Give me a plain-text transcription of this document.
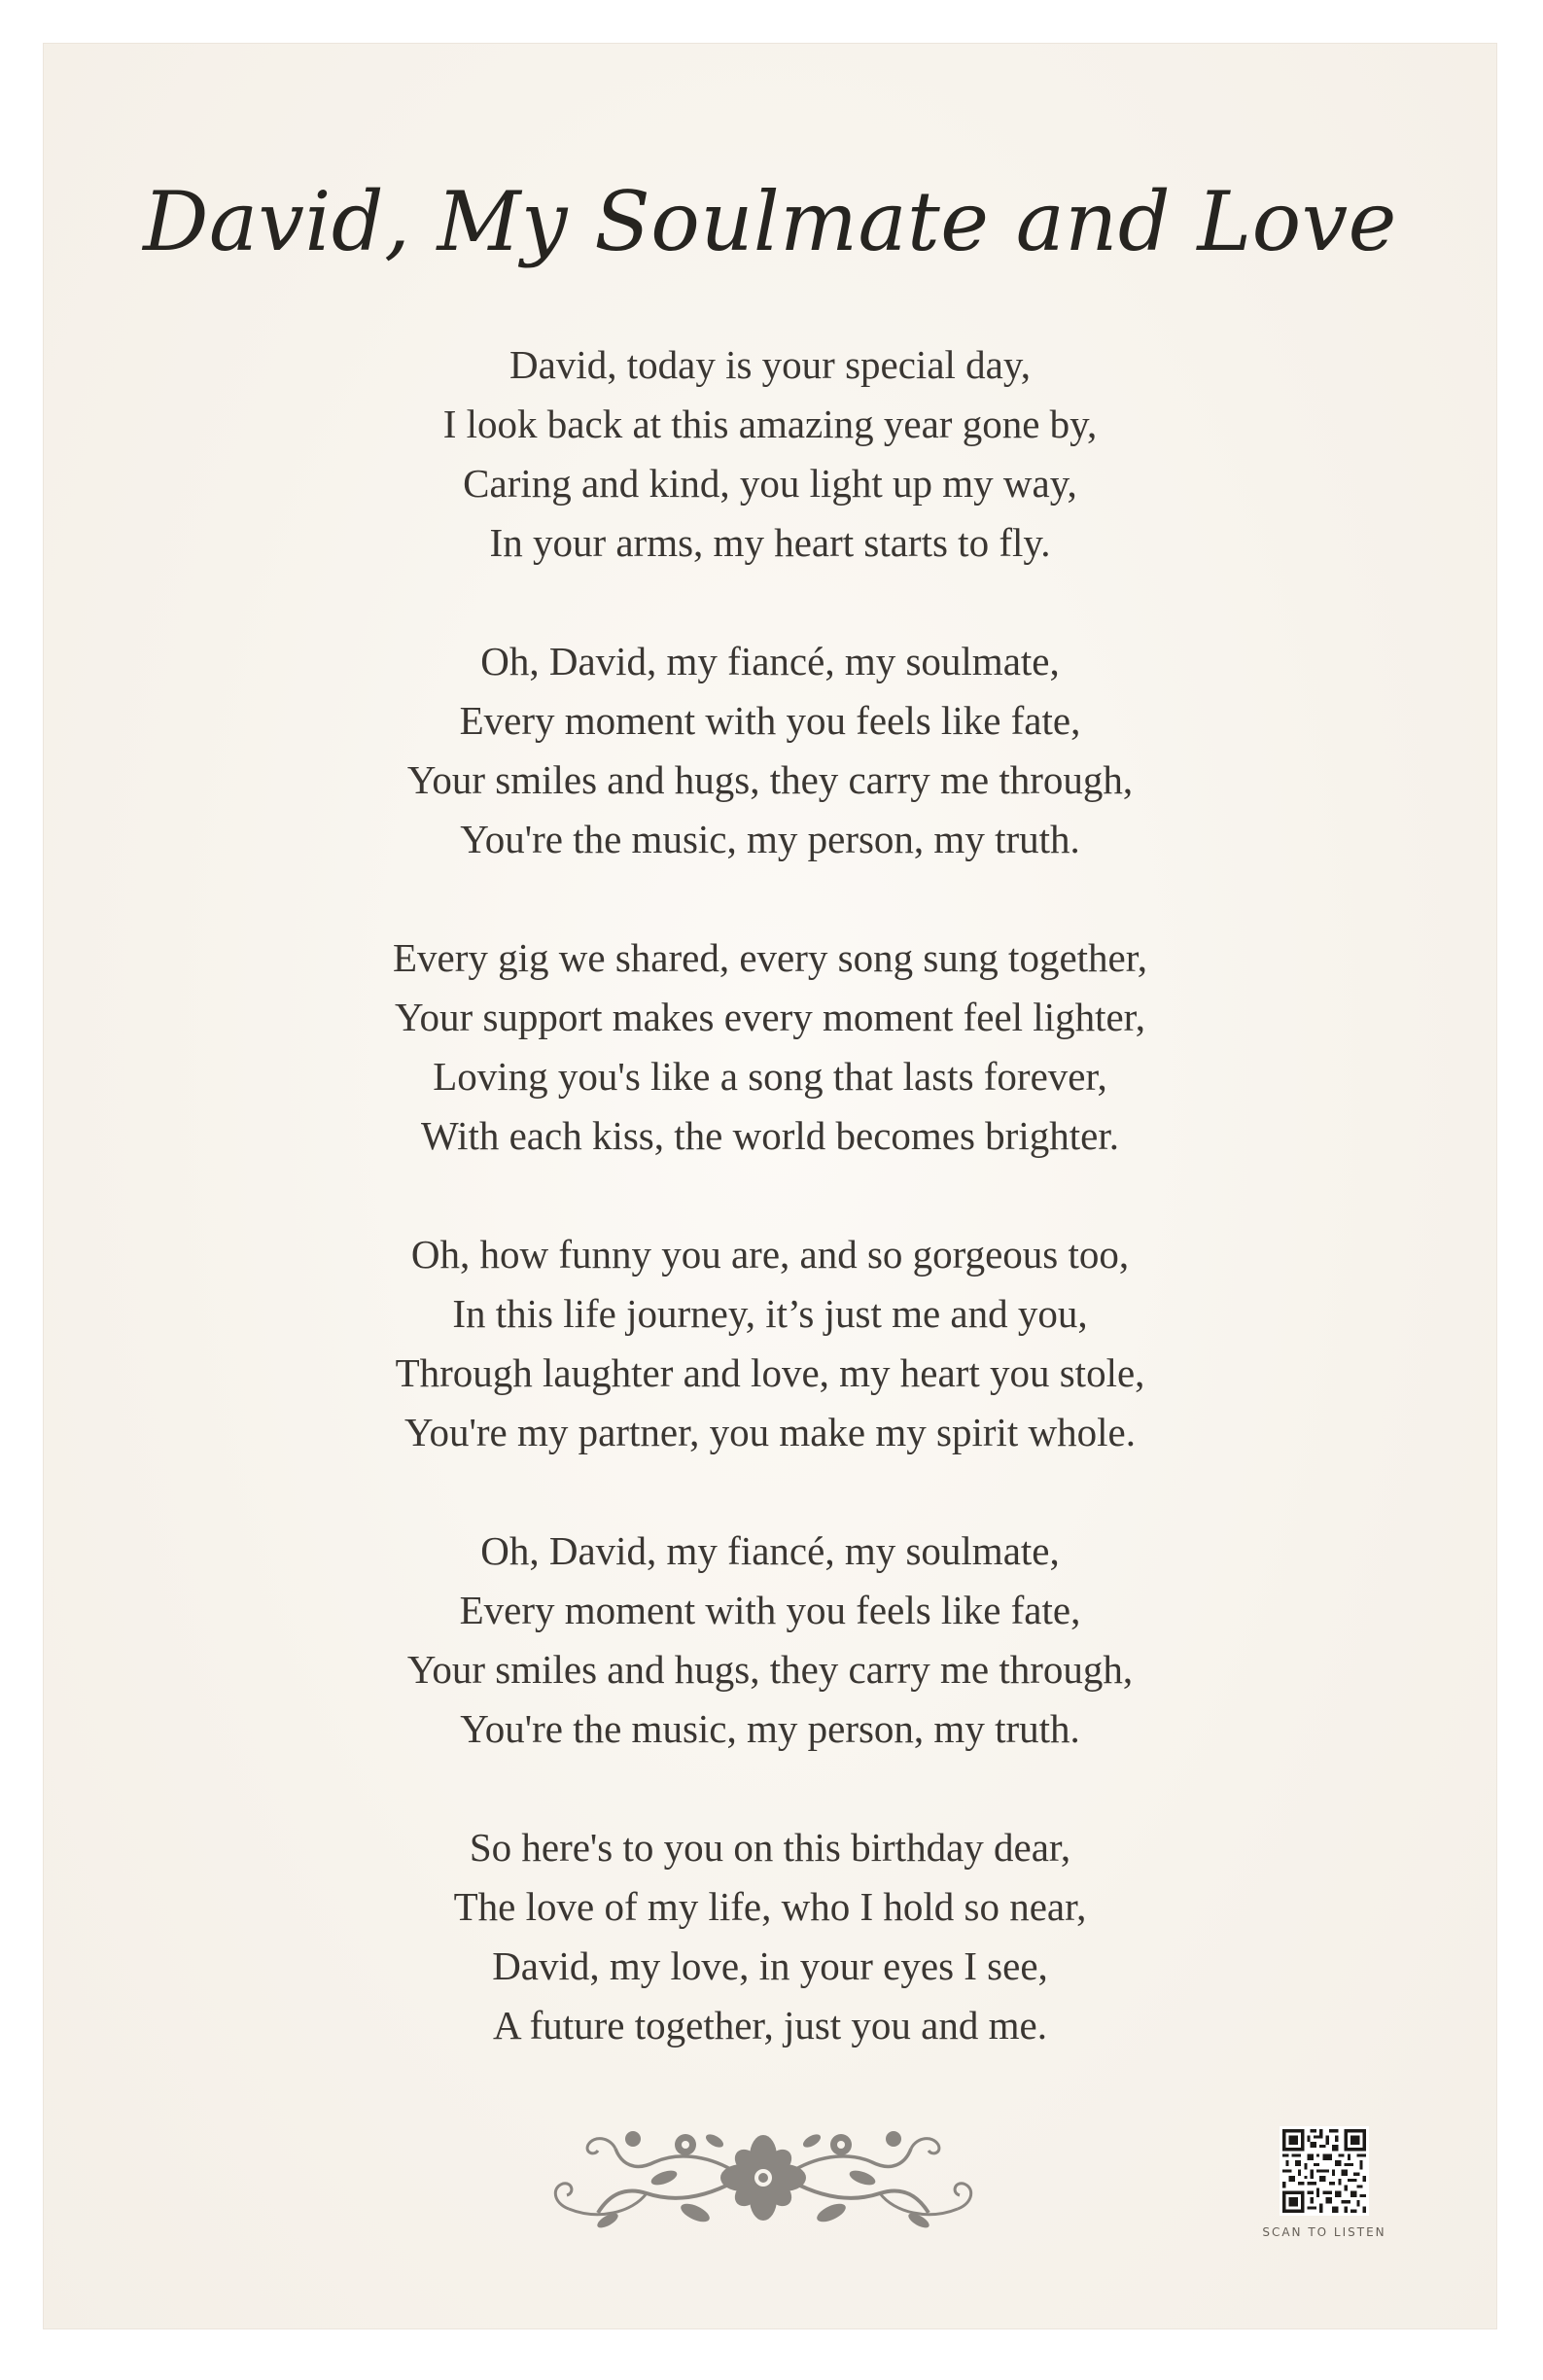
David, My Soulmate and Love
David, today is your special day,
I look back at this amazing year gone by,
Caring and kind, you light up my way,
In your arms, my heart starts to fly.
Oh, David, my fiancé, my soulmate,
Every moment with you feels like fate,
Your smiles and hugs, they carry me through,
You're the music, my person, my truth.
Every gig we shared, every song sung together,
Your support makes every moment feel lighter,
Loving you's like a song that lasts forever,
With each kiss, the world becomes brighter.
Oh, how funny you are, and so gorgeous too,
In this life journey, it’s just me and you,
Through laughter and love, my heart you stole,
You're my partner, you make my spirit whole.
Oh, David, my fiancé, my soulmate,
Every moment with you feels like fate,
Your smiles and hugs, they carry me through,
You're the music, my person, my truth.
So here's to you on this birthday dear,
The love of my life, who I hold so near,
David, my love, in your eyes I see,
A future together, just you and me.
SCAN TO LISTEN
